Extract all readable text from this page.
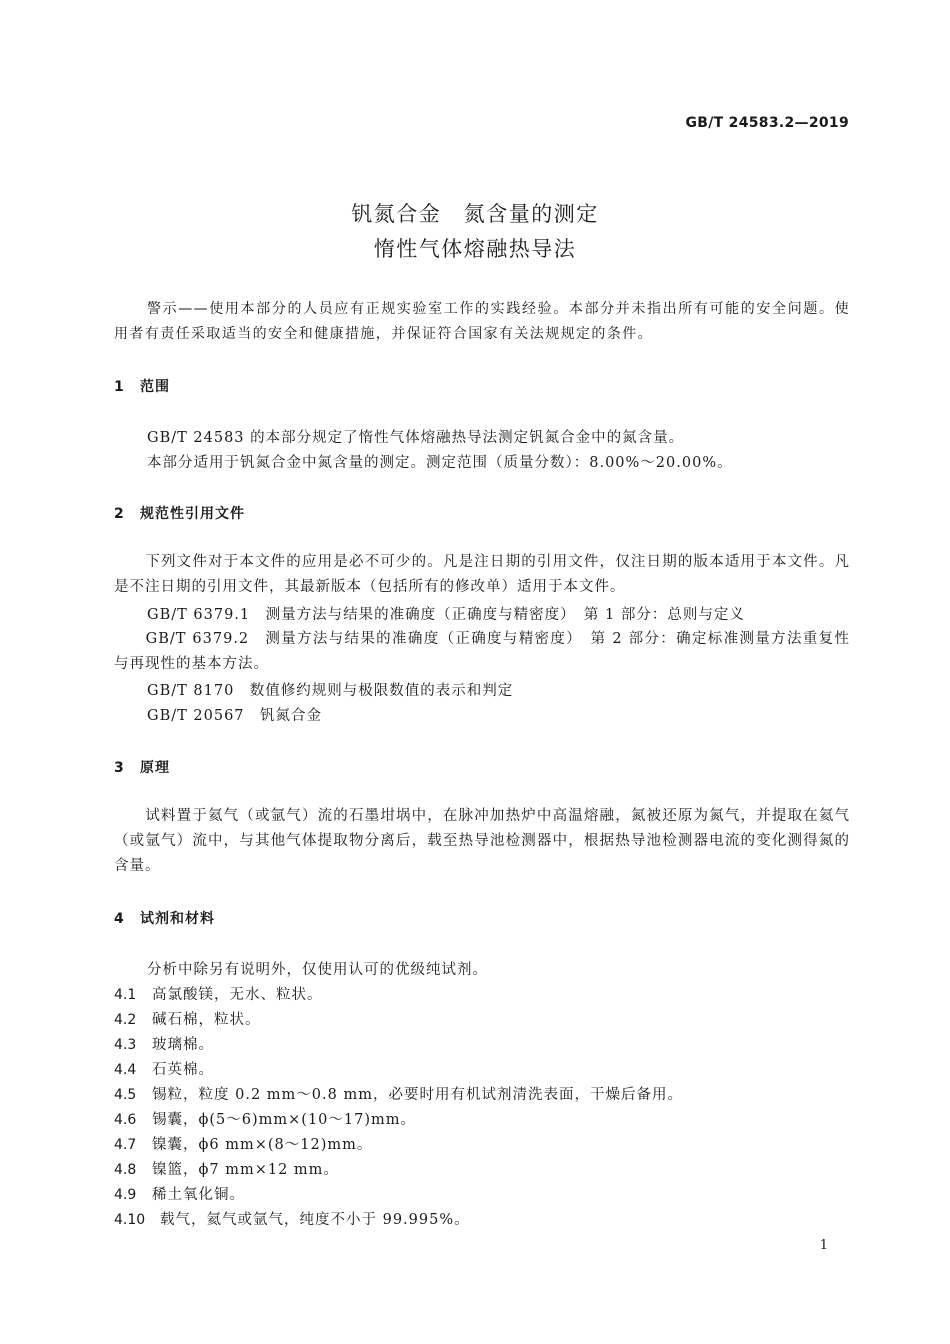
GB/T 24583.2—2019
钒氮合金　氮含量的测定
惰性气体熔融热导法
警示——使用本部分的人员应有正规实验室工作的实践经验。本部分并未指出所有可能的安全问题。使用者有责任采取适当的安全和健康措施，并保证符合国家有关法规规定的条件。
1 范围
GB/T 24583 的本部分规定了惰性气体熔融热导法测定钒氮合金中的氮含量。
本部分适用于钒氮合金中氮含量的测定。测定范围（质量分数）：8.00%～20.00%。
2 规范性引用文件
　　下列文件对于本文件的应用是必不可少的。凡是注日期的引用文件，仅注日期的版本适用于本文件。凡是不注日期的引用文件，其最新版本（包括所有的修改单）适用于本文件。
GB/T 6379.1　测量方法与结果的准确度（正确度与精密度）　第 1 部分：总则与定义
　　GB/T 6379.2　测量方法与结果的准确度（正确度与精密度）　第 2 部分：确定标准测量方法重复性与再现性的基本方法。
GB/T 8170　数值修约规则与极限数值的表示和判定
GB/T 20567　钒氮合金
3 原理
　　试料置于氦气（或氩气）流的石墨坩埚中，在脉冲加热炉中高温熔融，氮被还原为氮气，并提取在氦气（或氩气）流中，与其他气体提取物分离后，载至热导池检测器中，根据热导池检测器电流的变化测得氮的含量。
4 试剂和材料
分析中除另有说明外，仅使用认可的优级纯试剂。
4.1 高氯酸镁，无水、粒状。
4.2 碱石棉，粒状。
4.3 玻璃棉。
4.4 石英棉。
4.5 锡粒，粒度 0.2 mm～0.8 mm，必要时用有机试剂清洗表面，干燥后备用。
4.6 锡囊，ϕ(5～6)mm×(10～17)mm。
4.7 镍囊，ϕ6 mm×(8～12)mm。
4.8 镍篮，ϕ7 mm×12 mm。
4.9 稀土氧化铜。
4.10 载气，氦气或氩气，纯度不小于 99.995%。
1
